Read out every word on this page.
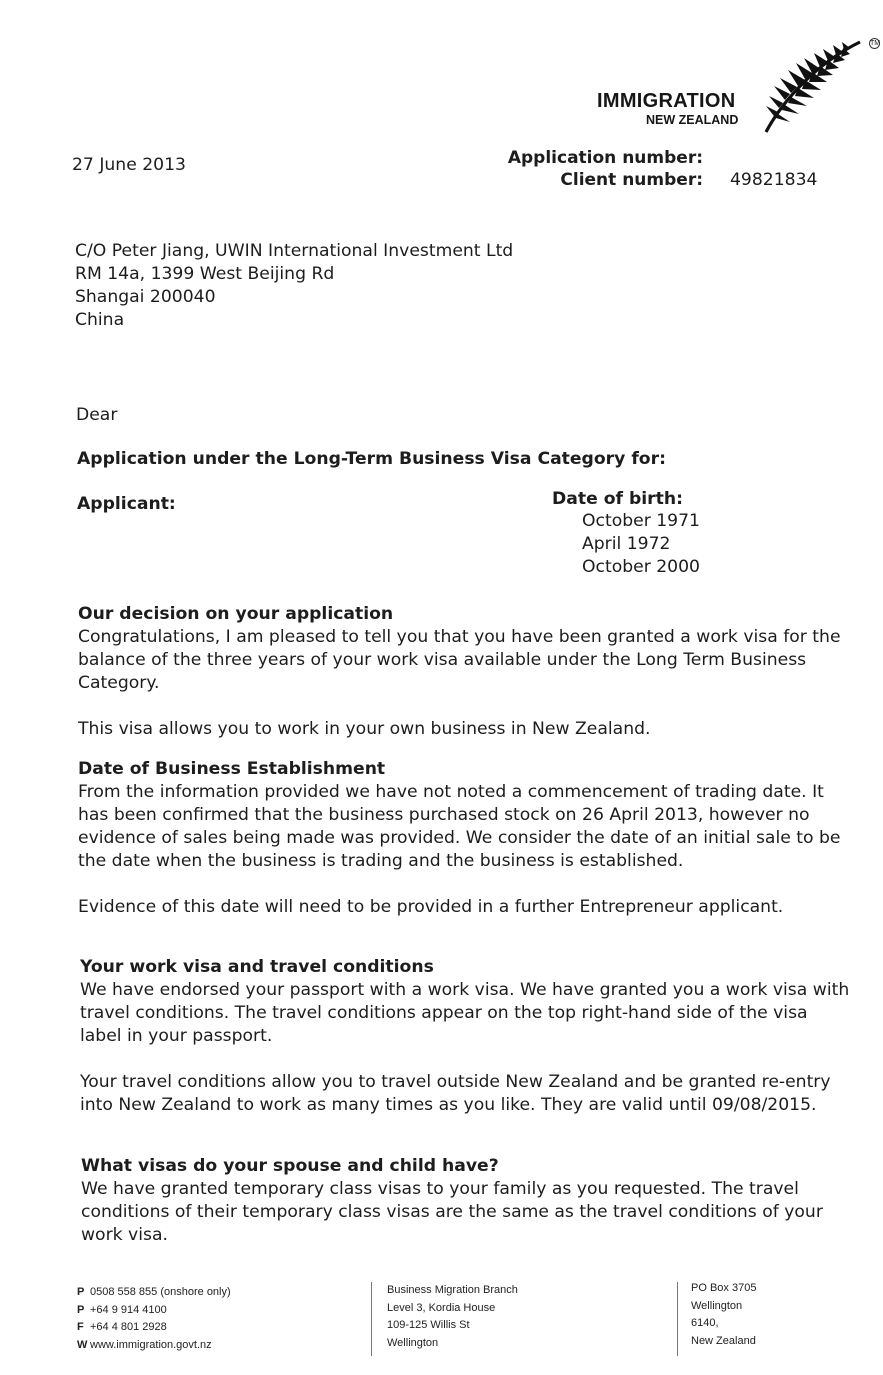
IMMIGRATION
NEW ZEALAND
TM
27 June 2013	Application number:
Client number: 49821834
C/O Peter Jiang, UWIN International Investment Ltd
RM 14a, 1399 West Beijing Rd
Shangai 200040
China
Dear
Application under the Long-Term Business Visa Category for:
Applicant:	Date of birth:
October 1971
April 1972
October 2000
Our decision on your application

Congratulations, I am pleased to tell you that you have been granted a work visa for the balance of the three years of your work visa available under the Long Term Business Category.

This visa allows you to work in your own business in New Zealand.

Date of Business Establishment

From the information provided we have not noted a commencement of trading date. It has been confirmed that the business purchased stock on 26 April 2013, however no evidence of sales being made was provided. We consider the date of an initial sale to be the date when the business is trading and the business is established.

Evidence of this date will need to be provided in a further Entrepreneur applicant.

Your work visa and travel conditions

We have endorsed your passport with a work visa. We have granted you a work visa with travel conditions. The travel conditions appear on the top right-hand side of the visa label in your passport.

Your travel conditions allow you to travel outside New Zealand and be granted re-entry into New Zealand to work as many times as you like. They are valid until 09/08/2015.

What visas do your spouse and child have?

We have granted temporary class visas to your family as you requested. The travel conditions of their temporary class visas are the same as the travel conditions of your work visa.

P 0508 558 855 (onshore only)
P +64 9 914 4100
F +64 4 801 2928
W www.immigration.govt.nz
Business Migration Branch
Level 3, Kordia House
109-125 Willis St
Wellington
PO Box 3705
Wellington
6140,
New Zealand
